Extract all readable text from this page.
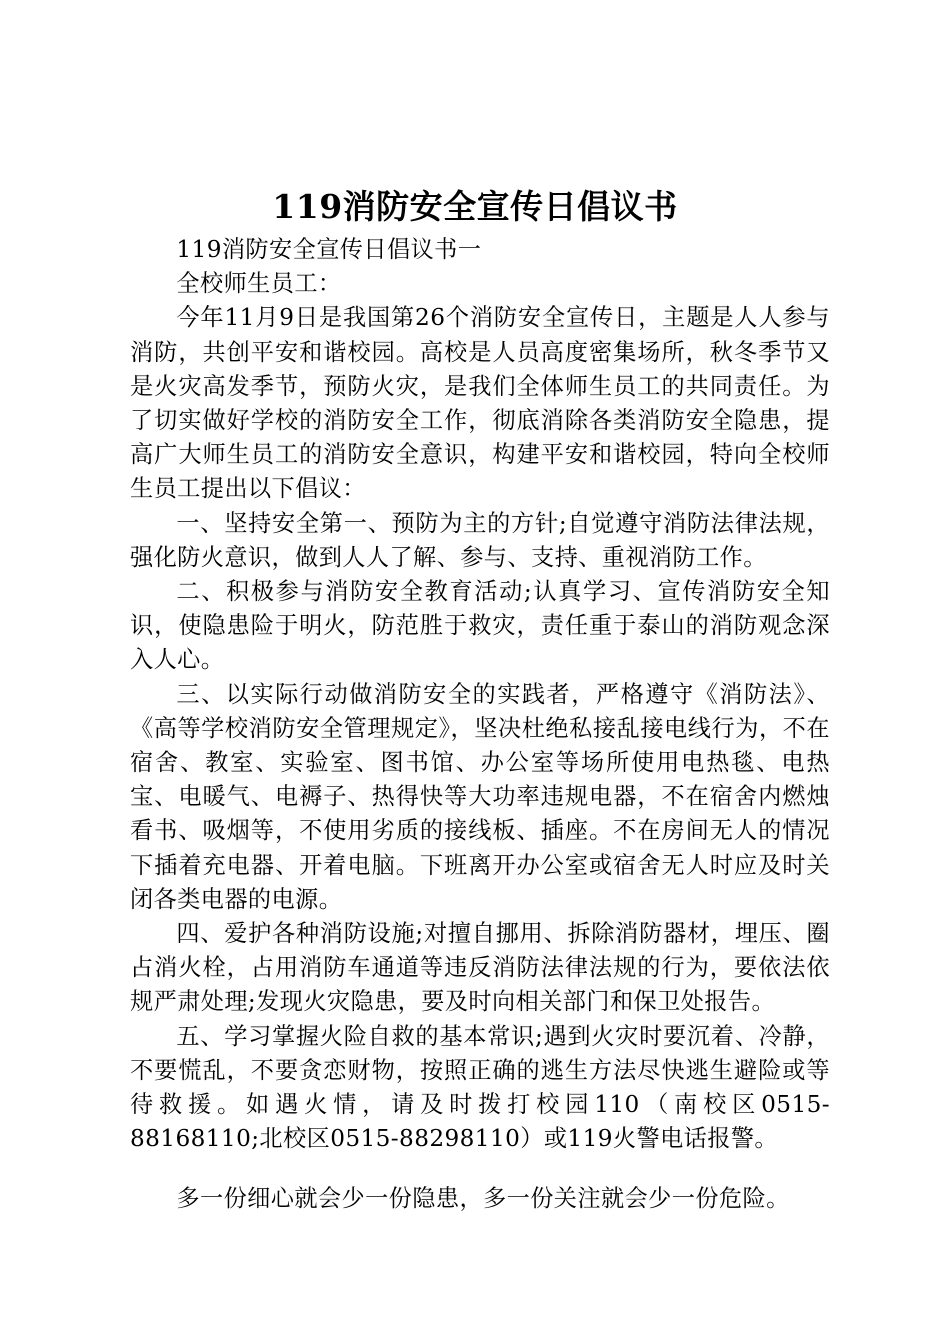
119消防安全宣传日倡议书

119消防安全宣传日倡议书一

全校师生员工：

今年11月9日是我国第26个消防安全宣传日，主题是人人参与消防，共创平安和谐校园。高校是人员高度密集场所，秋冬季节又是火灾高发季节，预防火灾，是我们全体师生员工的共同责任。为了切实做好学校的消防安全工作，彻底消除各类消防安全隐患，提高广大师生员工的消防安全意识，构建平安和谐校园，特向全校师生员工提出以下倡议：

一、坚持安全第一、预防为主的方针;自觉遵守消防法律法规，强化防火意识，做到人人了解、参与、支持、重视消防工作。

二、积极参与消防安全教育活动;认真学习、宣传消防安全知识，使隐患险于明火，防范胜于救灾，责任重于泰山的消防观念深入人心。

三、以实际行动做消防安全的实践者，严格遵守《消防法》、《高等学校消防安全管理规定》，坚决杜绝私接乱接电线行为，不在宿舍、教室、实验室、图书馆、办公室等场所使用电热毯、电热宝、电暖气、电褥子、热得快等大功率违规电器，不在宿舍内燃烛看书、吸烟等，不使用劣质的接线板、插座。不在房间无人的情况下插着充电器、开着电脑。下班离开办公室或宿舍无人时应及时关闭各类电器的电源。

四、爱护各种消防设施;对擅自挪用、拆除消防器材，埋压、圈占消火栓，占用消防车通道等违反消防法律法规的行为，要依法依规严肃处理;发现火灾隐患，要及时向相关部门和保卫处报告。

五、学习掌握火险自救的基本常识;遇到火灾时要沉着、冷静，不要慌乱，不要贪恋财物，按照正确的逃生方法尽快逃生避险或等待救援。如遇火情，请及时拨打校园110（南校区0515-88168110;北校区0515-88298110）或119火警电话报警。

多一份细心就会少一份隐患，多一份关注就会少一份危险。
